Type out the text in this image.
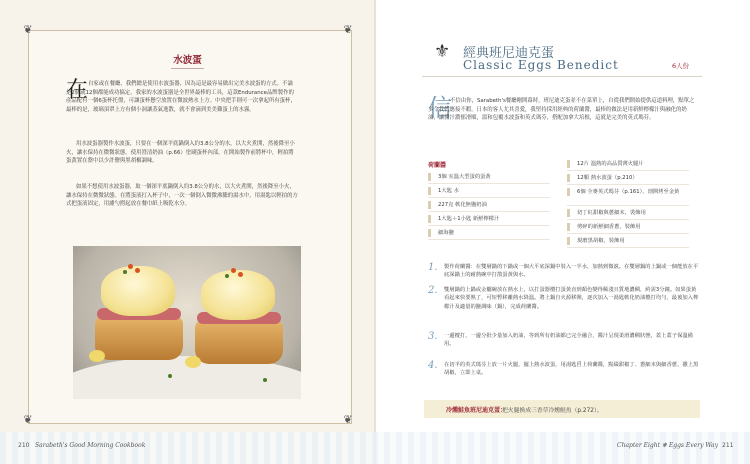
❦	❦
❦	❦
水波蛋
在 自家或在餐廳，我們總是使用水波蛋器，因為這是最容易做出完美水波蛋的方式。不論是2個或12個都能成功搞定。我家的水波蛋器是全世界最棒的工具，這款Endurance品牌製作的產品配有一個6蛋杯托盤，可讓蛋杯懸空放置在微波熱水上方。中央把手則可一次拿起所有蛋杯，最棒的是，玻璃頂罩上方有個小洞讓蒸氣逸散，就不會滴到美美雞蛋上的水霧。
用水波蛋器製作水波蛋，只要在一個深平底鍋倒入約3.8公分的水，以大火煮開，然後降至小火，讓水保持在微微狀態。使用澄清奶油（p.66）塗刷蛋杯內部，在開始製作前將杯中，輕拍將蛋黃置在盤中以少許鹽與黑胡椒調味。
如果不想使用水波蛋器，取一個深平底鍋倒入約3.8公分的水，以大火煮開，然後降至小火，讓水保持在微微狀態。在將蛋液打入杯子中，一次一個倒入微微沸騰的湯水中，用湯匙以輕拍的方式把蛋液固定，用濾勺撈起放在餐巾紙上吸乾水分。
⚜ 經典班尼迪克蛋
Classic Eggs Benedict	6人份
信
不信由你，Sarabeth's餐廳剛開幕時，班尼迪克蛋並不在菜單上，自從我們開始提供這道料理，點單之多令我們應接不暇。日本的客人尤其喜愛，我堅持採用經典的荷蘭醬，最棒的做法是用新鮮檸檬汁與融化的奶油，讓醬汁濃郁滑順，溫和包覆水波蛋和英式瑪芬，搭配加拿大培根，這就是完美的英式瑪芬。
荷蘭醬
3個 室溫大型蛋的蛋黃
1大匙 水
227克 軟化無鹽奶油
1大匙＋1小匙 新鮮檸檬汁
細海鹽
12片 溫熱的高品質薄火腿片
12顆 熱水波蛋（p.210）
6個 全麥英式瑪芬（p.161），剖開烤至金黃
切丁紅甜椒與蔥細末，裝飾用
剪碎的新鮮細香蔥，裝飾用
現磨黑胡椒，裝飾用
1. 製作荷蘭醬：在雙層鍋的下鍋或一個大平底深鍋中裝入一半水，加熱到微滾。在雙層鍋的上鍋或一個能放在平底深鍋上的耐熱碗中打散蛋黃與水。
2. 雙層鍋的上鍋或金屬碗放在熱水上，以打蛋器攪打蛋黃直到顏色變得稀淺且質地濃稠，約需3分鐘。如果蛋黃看起來快要熟了，可短暫移離熱水降溫。將上鍋自火源移開，逐次加入一湯匙軟化奶油攪打均勻，最後加入檸檬汁及適量的鹽調味（鍋），完成荷蘭醬。
3. 一邊攪打，一邊分批少量加入奶油，等到所有奶油都已完全融合，醬汁呈現柔滑濃稠狀態，蓋上蓋子保溫備用。
4. 在切半的英式瑪芬上放一片火腿，擺上熱水波蛋，用湯匙舀上荷蘭醬，點綴甜椒丁、蔥細末與細香蔥，撒上黑胡椒，立即上桌。
冷燻鮭魚班尼迪克蛋：
把火腿換成三香草冷燻鮭魚（p.272）。
210 Sarabeth's Good Morning Cookbook	Chapter Eight ❋ Eggs Every Way 211
